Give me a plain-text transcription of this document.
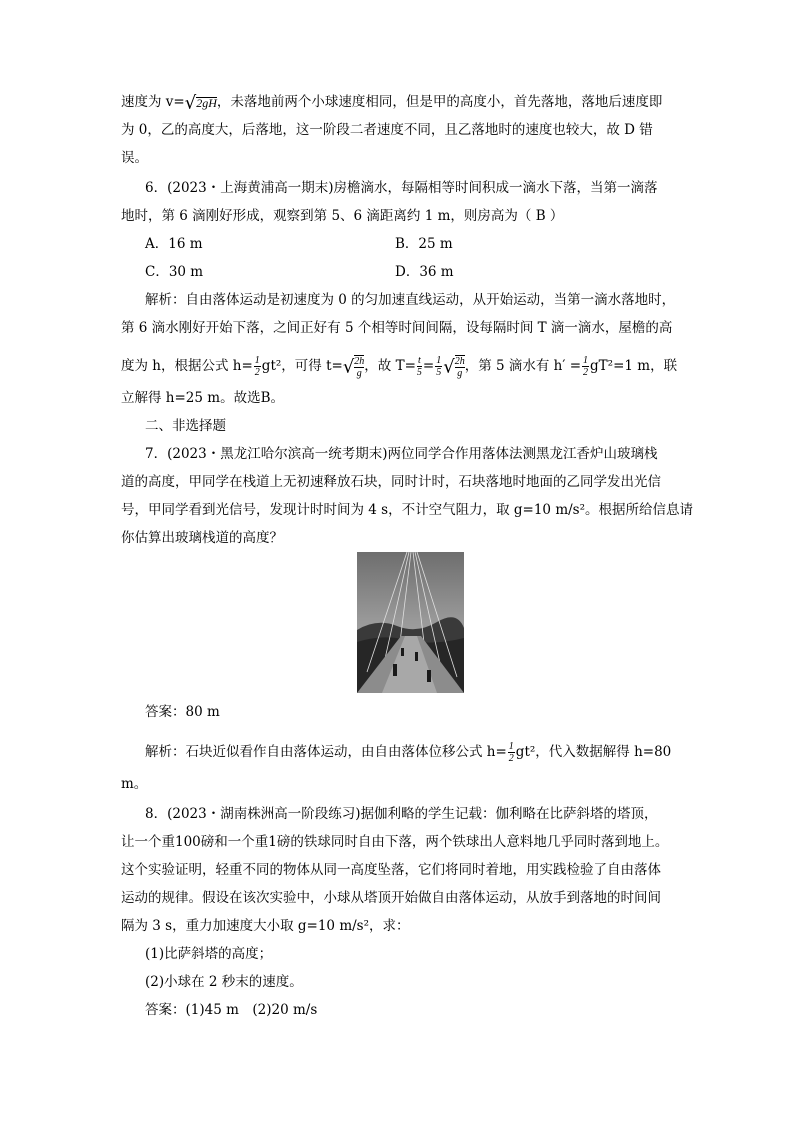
速度为 v=√2gH，未落地前两个小球速度相同，但是甲的高度小，首先落地，落地后速度即
为 0，乙的高度大，后落地，这一阶段二者速度不同，且乙落地时的速度也较大，故 D 错
误。
6．(2023・上海黄浦高一期末)房檐滴水，每隔相等时间积成一滴水下落，当第一滴落
地时，第 6 滴刚好形成，观察到第 5、6 滴距离约 1 m，则房高为（ B ）
A．16 m	B．25 m
C．30 m	D．36 m
解析：自由落体运动是初速度为 0 的匀加速直线运动，从开始运动，当第一滴水落地时，
第 6 滴水刚好开始下落，之间正好有 5 个相等时间间隔，设每隔时间 T 滴一滴水，屋檐的高
度为 h，根据公式 $h= \frac{1}{2} gt^2$，可得 $t=√ \frac{2h}{g}$ ，故 $T= \frac{t}{5} = \frac{1}{5}$ √ $\frac{2h}{g}$ ，第 5 滴水有 $h' = \frac{1}{2} gT^2=1$ m，联
立解得 h=25 m。故选B。
二、非选择题
7．(2023・黑龙江哈尔滨高一统考期末)两位同学合作用落体法测黑龙江香炉山玻璃栈
道的高度，甲同学在栈道上无初速释放石块，同时计时，石块落地时地面的乙同学发出光信
号，甲同学看到光信号，发现计时时间为 4 s，不计空气阻力，取 g=10 m/s²。根据所给信息请
你估算出玻璃栈道的高度？
答案：80 m
解析：石块近似看作自由落体运动，由自由落体位移公式 $h= \frac{1}{2} gt^2$，代入数据解得 h=80
m。
8．(2023・湖南株洲高一阶段练习)据伽利略的学生记载：伽利略在比萨斜塔的塔顶，
让一个重100磅和一个重1磅的铁球同时自由下落，两个铁球出人意料地几乎同时落到地上。
这个实验证明，轻重不同的物体从同一高度坠落，它们将同时着地，用实践检验了自由落体
运动的规律。假设在该次实验中，小球从塔顶开始做自由落体运动，从放手到落地的时间间
隔为 3 s，重力加速度大小取 g=10 m/s²，求：
(1)比萨斜塔的高度；
(2)小球在 2 秒末的速度。
答案：(1)45 m　(2)20 m/s
